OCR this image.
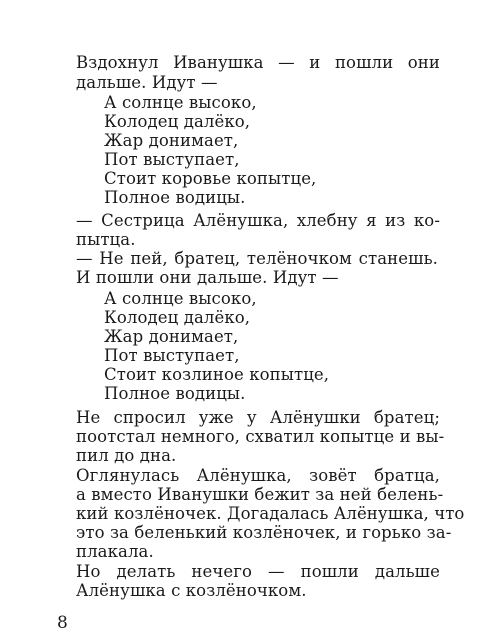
Вздохнул Иванушка — и пошли они
дальше. Идут —
А солнце высоко,
Колодец далёко,
Жар донимает,
Пот выступает,
Стоит коровье копытце,
Полное водицы.
— Сестрица Алёнушка, хлебну я из ко-
пытца.
— Не пей, братец, телёночком станешь.
И пошли они дальше. Идут —
А солнце высоко,
Колодец далёко,
Жар донимает,
Пот выступает,
Стоит козлиное копытце,
Полное водицы.
Не спросил уже у Алёнушки братец;
поотстал немного, схватил копытце и вы-
пил до дна.
Оглянулась Алёнушка, зовёт братца,
а вместо Иванушки бежит за ней белень-
кий козлёночек. Догадалась Алёнушка, что
это за беленький козлёночек, и горько за-
плакала.
Но делать нечего — пошли дальше
Алёнушка с козлёночком.
8
